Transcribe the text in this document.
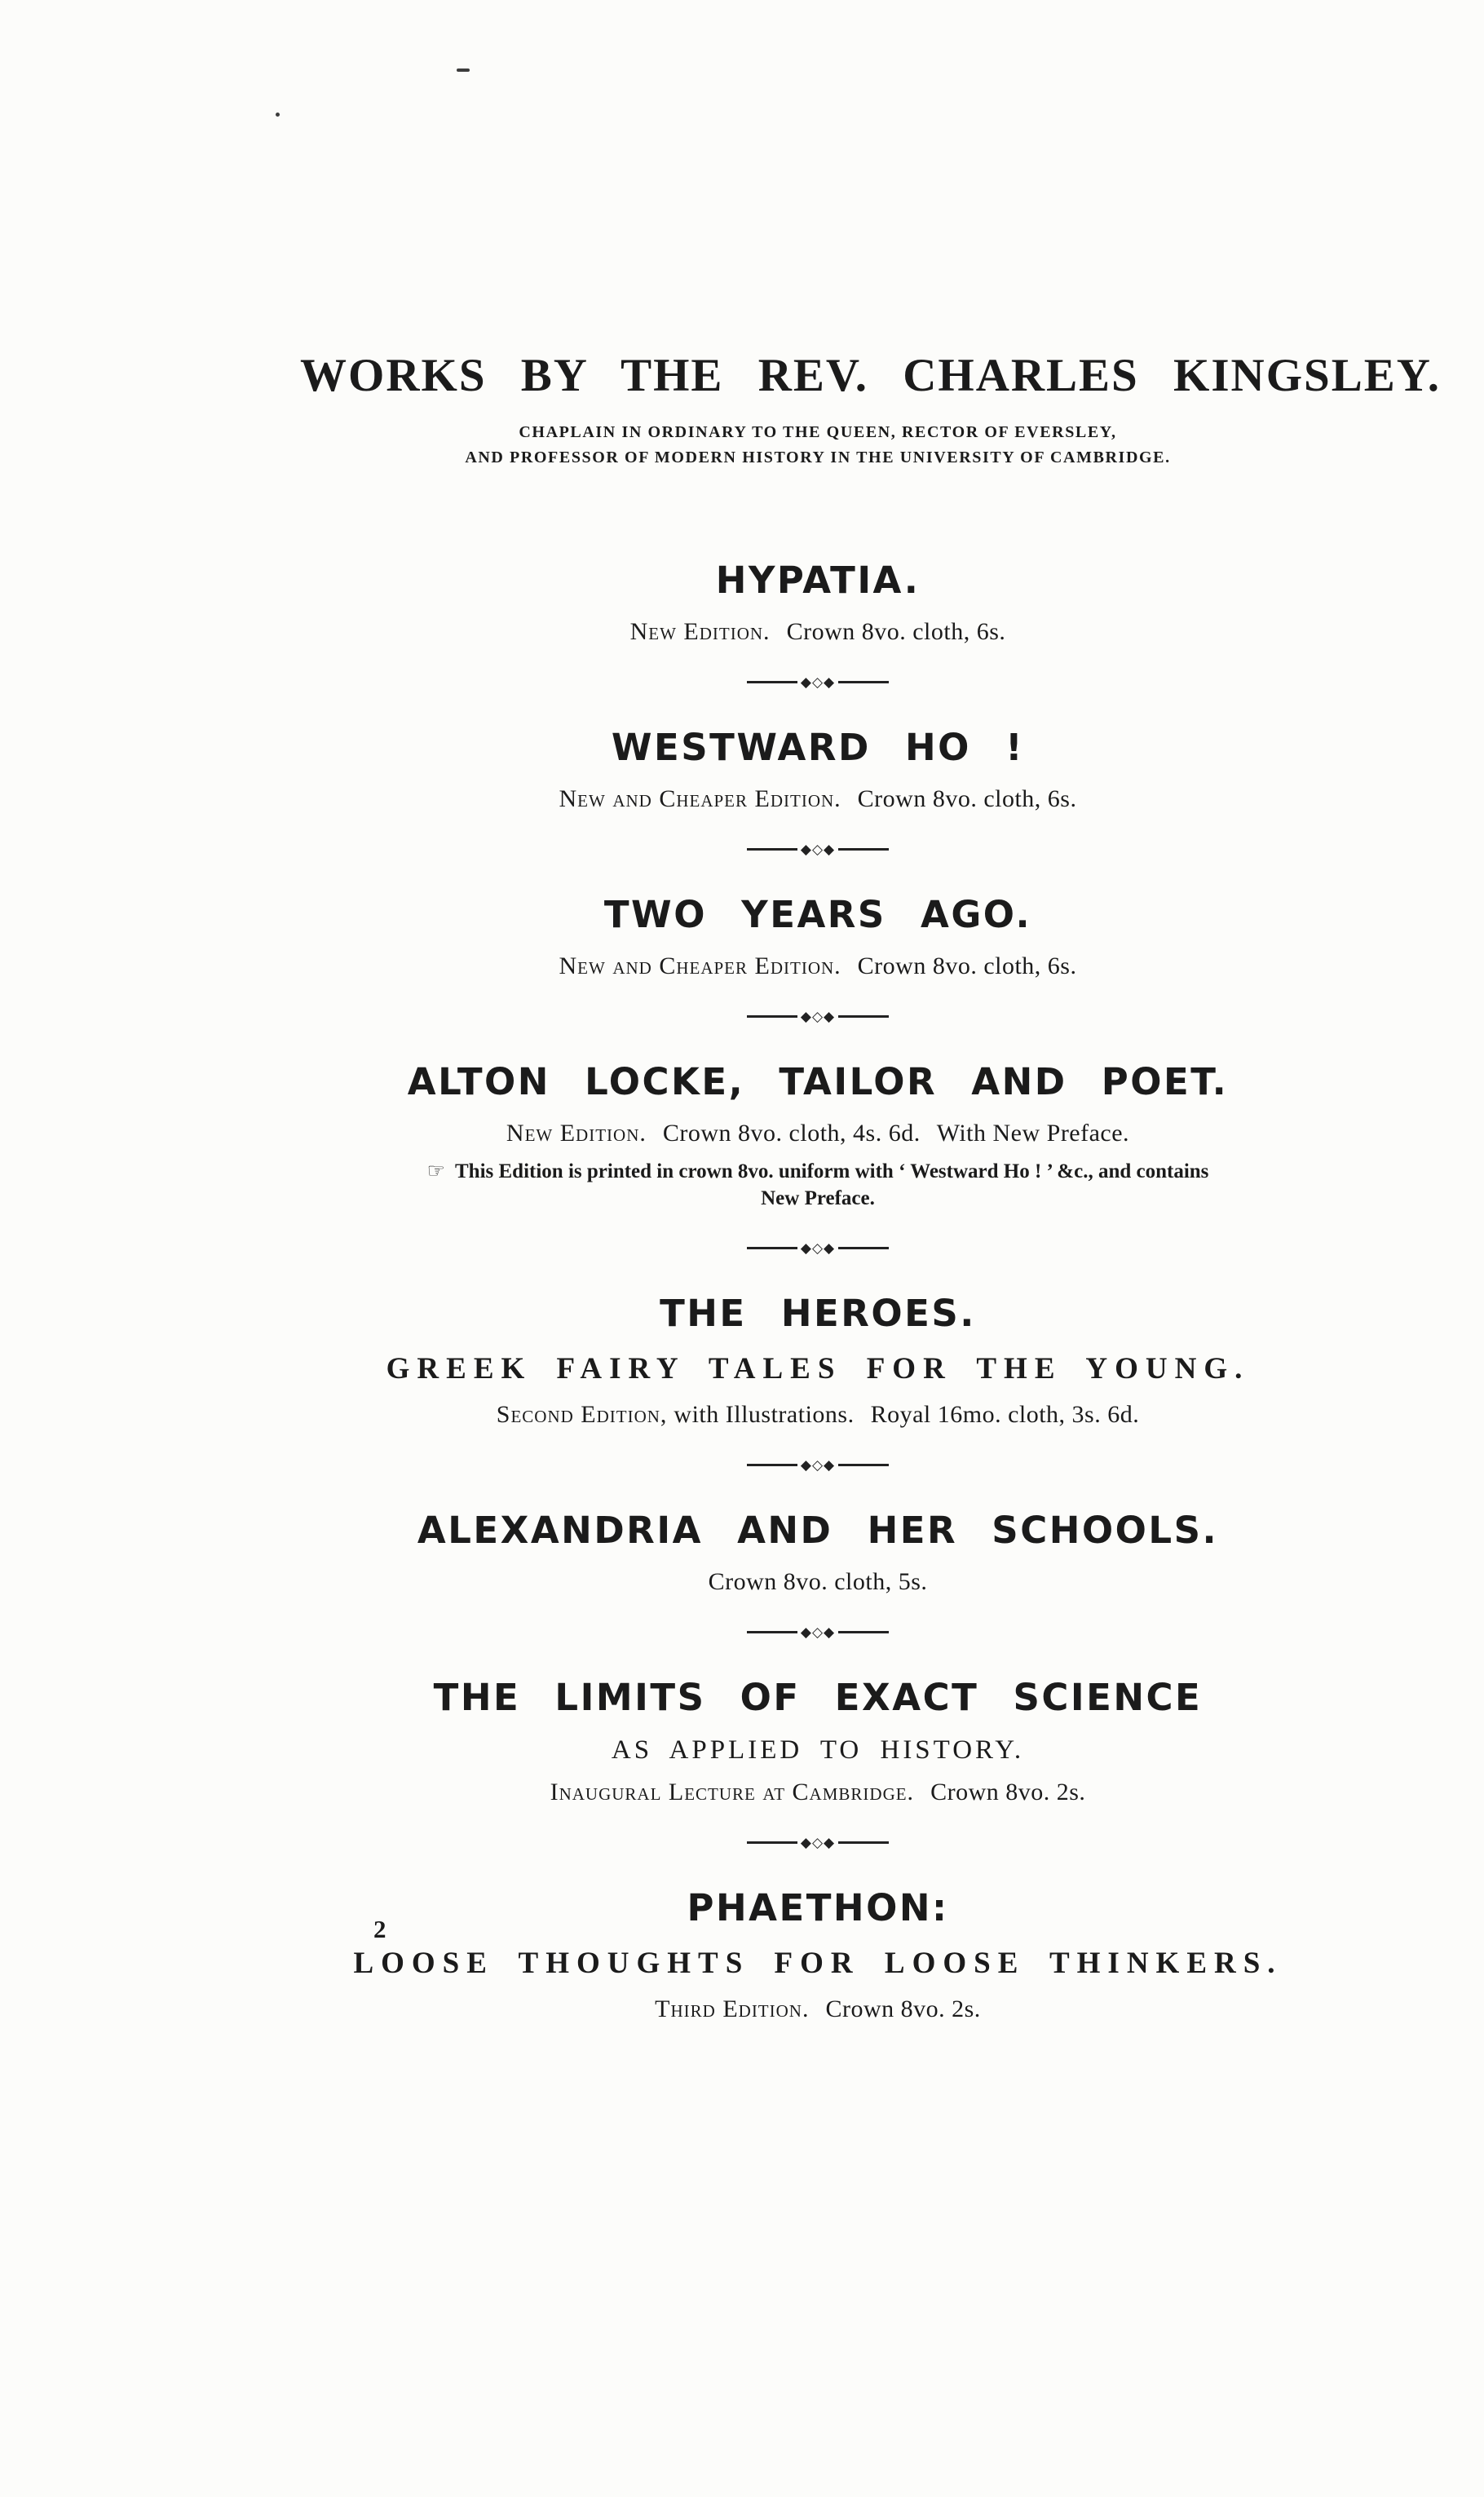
WORKS BY THE REV. CHARLES KINGSLEY.

CHAPLAIN IN ORDINARY TO THE QUEEN, RECTOR OF EVERSLEY,

AND PROFESSOR OF MODERN HISTORY IN THE UNIVERSITY OF CAMBRIDGE.

HYPATIA.

New Edition. Crown 8vo. cloth, 6s.

◆◇◆
WESTWARD HO !

New and Cheaper Edition. Crown 8vo. cloth, 6s.

◆◇◆
TWO YEARS AGO.

New and Cheaper Edition. Crown 8vo. cloth, 6s.

◆◇◆
ALTON LOCKE, TAILOR AND POET.

New Edition. Crown 8vo. cloth, 4s. 6d. With New Preface.

☞ This Edition is printed in crown 8vo. uniform with ‘ Westward Ho ! ’ &c., and contains
New Preface.

◆◇◆
THE HEROES.

GREEK FAIRY TALES FOR THE YOUNG.

Second Edition, with Illustrations. Royal 16mo. cloth, 3s. 6d.

◆◇◆
ALEXANDRIA AND HER SCHOOLS.

Crown 8vo. cloth, 5s.

◆◇◆
THE LIMITS OF EXACT SCIENCE

AS APPLIED TO HISTORY.

Inaugural Lecture at Cambridge. Crown 8vo. 2s.

◆◇◆
PHAETHON:

LOOSE THOUGHTS FOR LOOSE THINKERS.

Third Edition. Crown 8vo. 2s.

2
